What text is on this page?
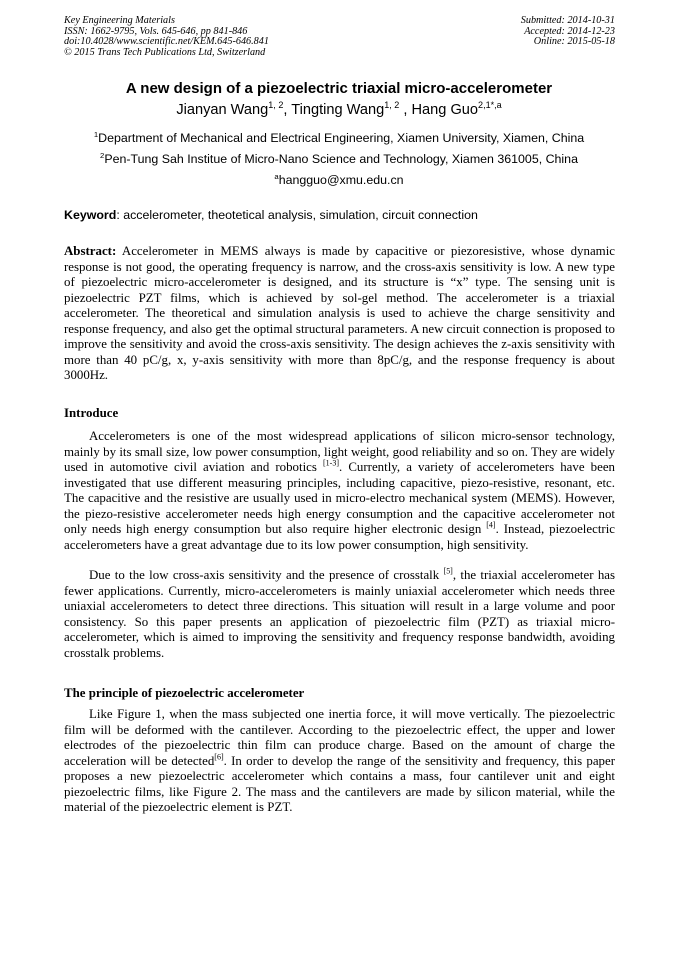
Key Engineering Materials
ISSN: 1662-9795, Vols. 645-646, pp 841-846
doi:10.4028/www.scientific.net/KEM.645-646.841
© 2015 Trans Tech Publications Ltd, Switzerland
Submitted: 2014-10-31
Accepted: 2014-12-23
Online: 2015-05-18
A new design of a piezoelectric triaxial micro-accelerometer
Jianyan Wang$^{1, 2}$, Tingting Wang$^{1, 2}$ , Hang Guo$^{2,1*,a}$
$^1$Department of Mechanical and Electrical Engineering, Xiamen University, Xiamen, China
$^2$Pen-Tung Sah Institue of Micro-Nano Science and Technology, Xiamen 361005, China
$^a$hangguo@xmu.edu.cn
Keyword: accelerometer, theotetical analysis, simulation, circuit connection
Abstract: Accelerometer in MEMS always is made by capacitive or piezoresistive, whose dynamic response is not good, the operating frequency is narrow, and the cross-axis sensitivity is low. A new type of piezoelectric micro-accelerometer is designed, and its structure is “x” type. The sensing unit is piezoelectric PZT films, which is achieved by sol-gel method. The accelerometer is a triaxial accelerometer. The theoretical and simulation analysis is used to achieve the charge sensitivity and response frequency, and also get the optimal structural parameters. A new circuit connection is proposed to improve the sensitivity and avoid the cross-axis sensitivity. The design achieves the z-axis sensitivity with more than 40 pC/g, x, y-axis sensitivity with more than 8pC/g, and the response frequency is about 3000Hz.
Introduce
Accelerometers is one of the most widespread applications of silicon micro-sensor technology, mainly by its small size, low power consumption, light weight, good reliability and so on. They are widely used in automotive civil aviation and robotics [1-3]. Currently, a variety of accelerometers have been investigated that use different measuring principles, including capacitive, piezo-resistive, resonant, etc. The capacitive and the resistive are usually used in micro-electro mechanical system (MEMS). However, the piezo-resistive accelerometer needs high energy consumption and the capacitive accelerometer not only needs high energy consumption but also require higher electronic design [4]. Instead, piezoelectric accelerometers have a great advantage due to its low power consumption, high sensitivity.
Due to the low cross-axis sensitivity and the presence of crosstalk [5], the triaxial accelerometer has fewer applications. Currently, micro-accelerometers is mainly uniaxial accelerometer which needs three uniaxial accelerometers to detect three directions. This situation will result in a large volume and poor consistency. So this paper presents an application of piezoelectric film (PZT) as triaxial micro-accelerometer, which is aimed to improving the sensitivity and frequency response bandwidth, avoiding crosstalk problems.
The principle of piezoelectric accelerometer
Like Figure 1, when the mass subjected one inertia force, it will move vertically. The piezoelectric film will be deformed with the cantilever. According to the piezoelectric effect, the upper and lower electrodes of the piezoelectric thin film can produce charge. Based on the amount of charge the acceleration will be detected[6]. In order to develop the range of the sensitivity and frequency, this paper proposes a new piezoelectric accelerometer which contains a mass, four cantilever unit and eight piezoelectric films, like Figure 2. The mass and the cantilevers are made by silicon material, while the material of the piezoelectric element is PZT.
